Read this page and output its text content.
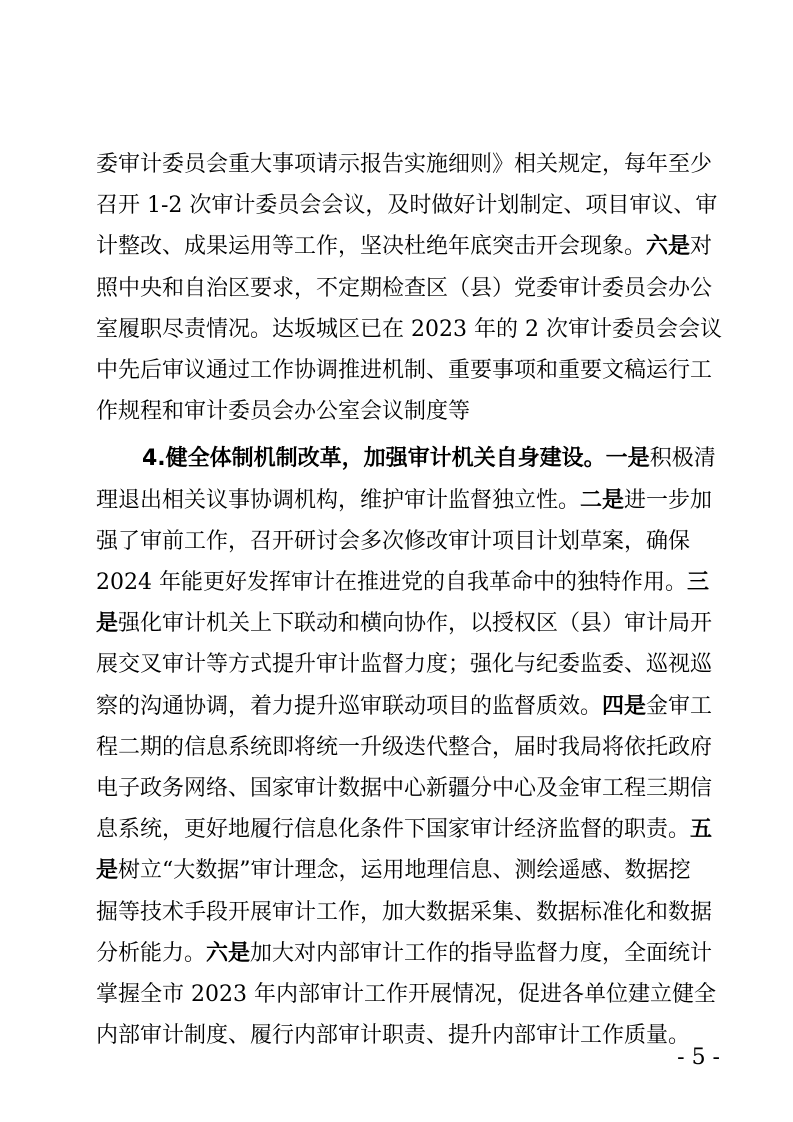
委审计委员会重大事项请示报告实施细则》相关规定，每年至少
召开 1-2 次审计委员会会议，及时做好计划制定、项目审议、审
计整改、成果运用等工作，坚决杜绝年底突击开会现象。六是对
照中央和自治区要求，不定期检查区（县）党委审计委员会办公
室履职尽责情况。达坂城区已在 2023 年的 2 次审计委员会会议
中先后审议通过工作协调推进机制、重要事项和重要文稿运行工
作规程和审计委员会办公室会议制度等
4.健全体制机制改革，加强审计机关自身建设。一是积极清
理退出相关议事协调机构，维护审计监督独立性。二是进一步加
强了审前工作，召开研讨会多次修改审计项目计划草案，确保
2024 年能更好发挥审计在推进党的自我革命中的独特作用。三
是强化审计机关上下联动和横向协作，以授权区（县）审计局开
展交叉审计等方式提升审计监督力度；强化与纪委监委、巡视巡
察的沟通协调，着力提升巡审联动项目的监督质效。四是金审工
程二期的信息系统即将统一升级迭代整合，届时我局将依托政府
电子政务网络、国家审计数据中心新疆分中心及金审工程三期信
息系统，更好地履行信息化条件下国家审计经济监督的职责。五
是树立“大数据”审计理念，运用地理信息、测绘遥感、数据挖
掘等技术手段开展审计工作，加大数据采集、数据标准化和数据
分析能力。六是加大对内部审计工作的指导监督力度，全面统计
掌握全市 2023 年内部审计工作开展情况，促进各单位建立健全
内部审计制度、履行内部审计职责、提升内部审计工作质量。
- 5 -
